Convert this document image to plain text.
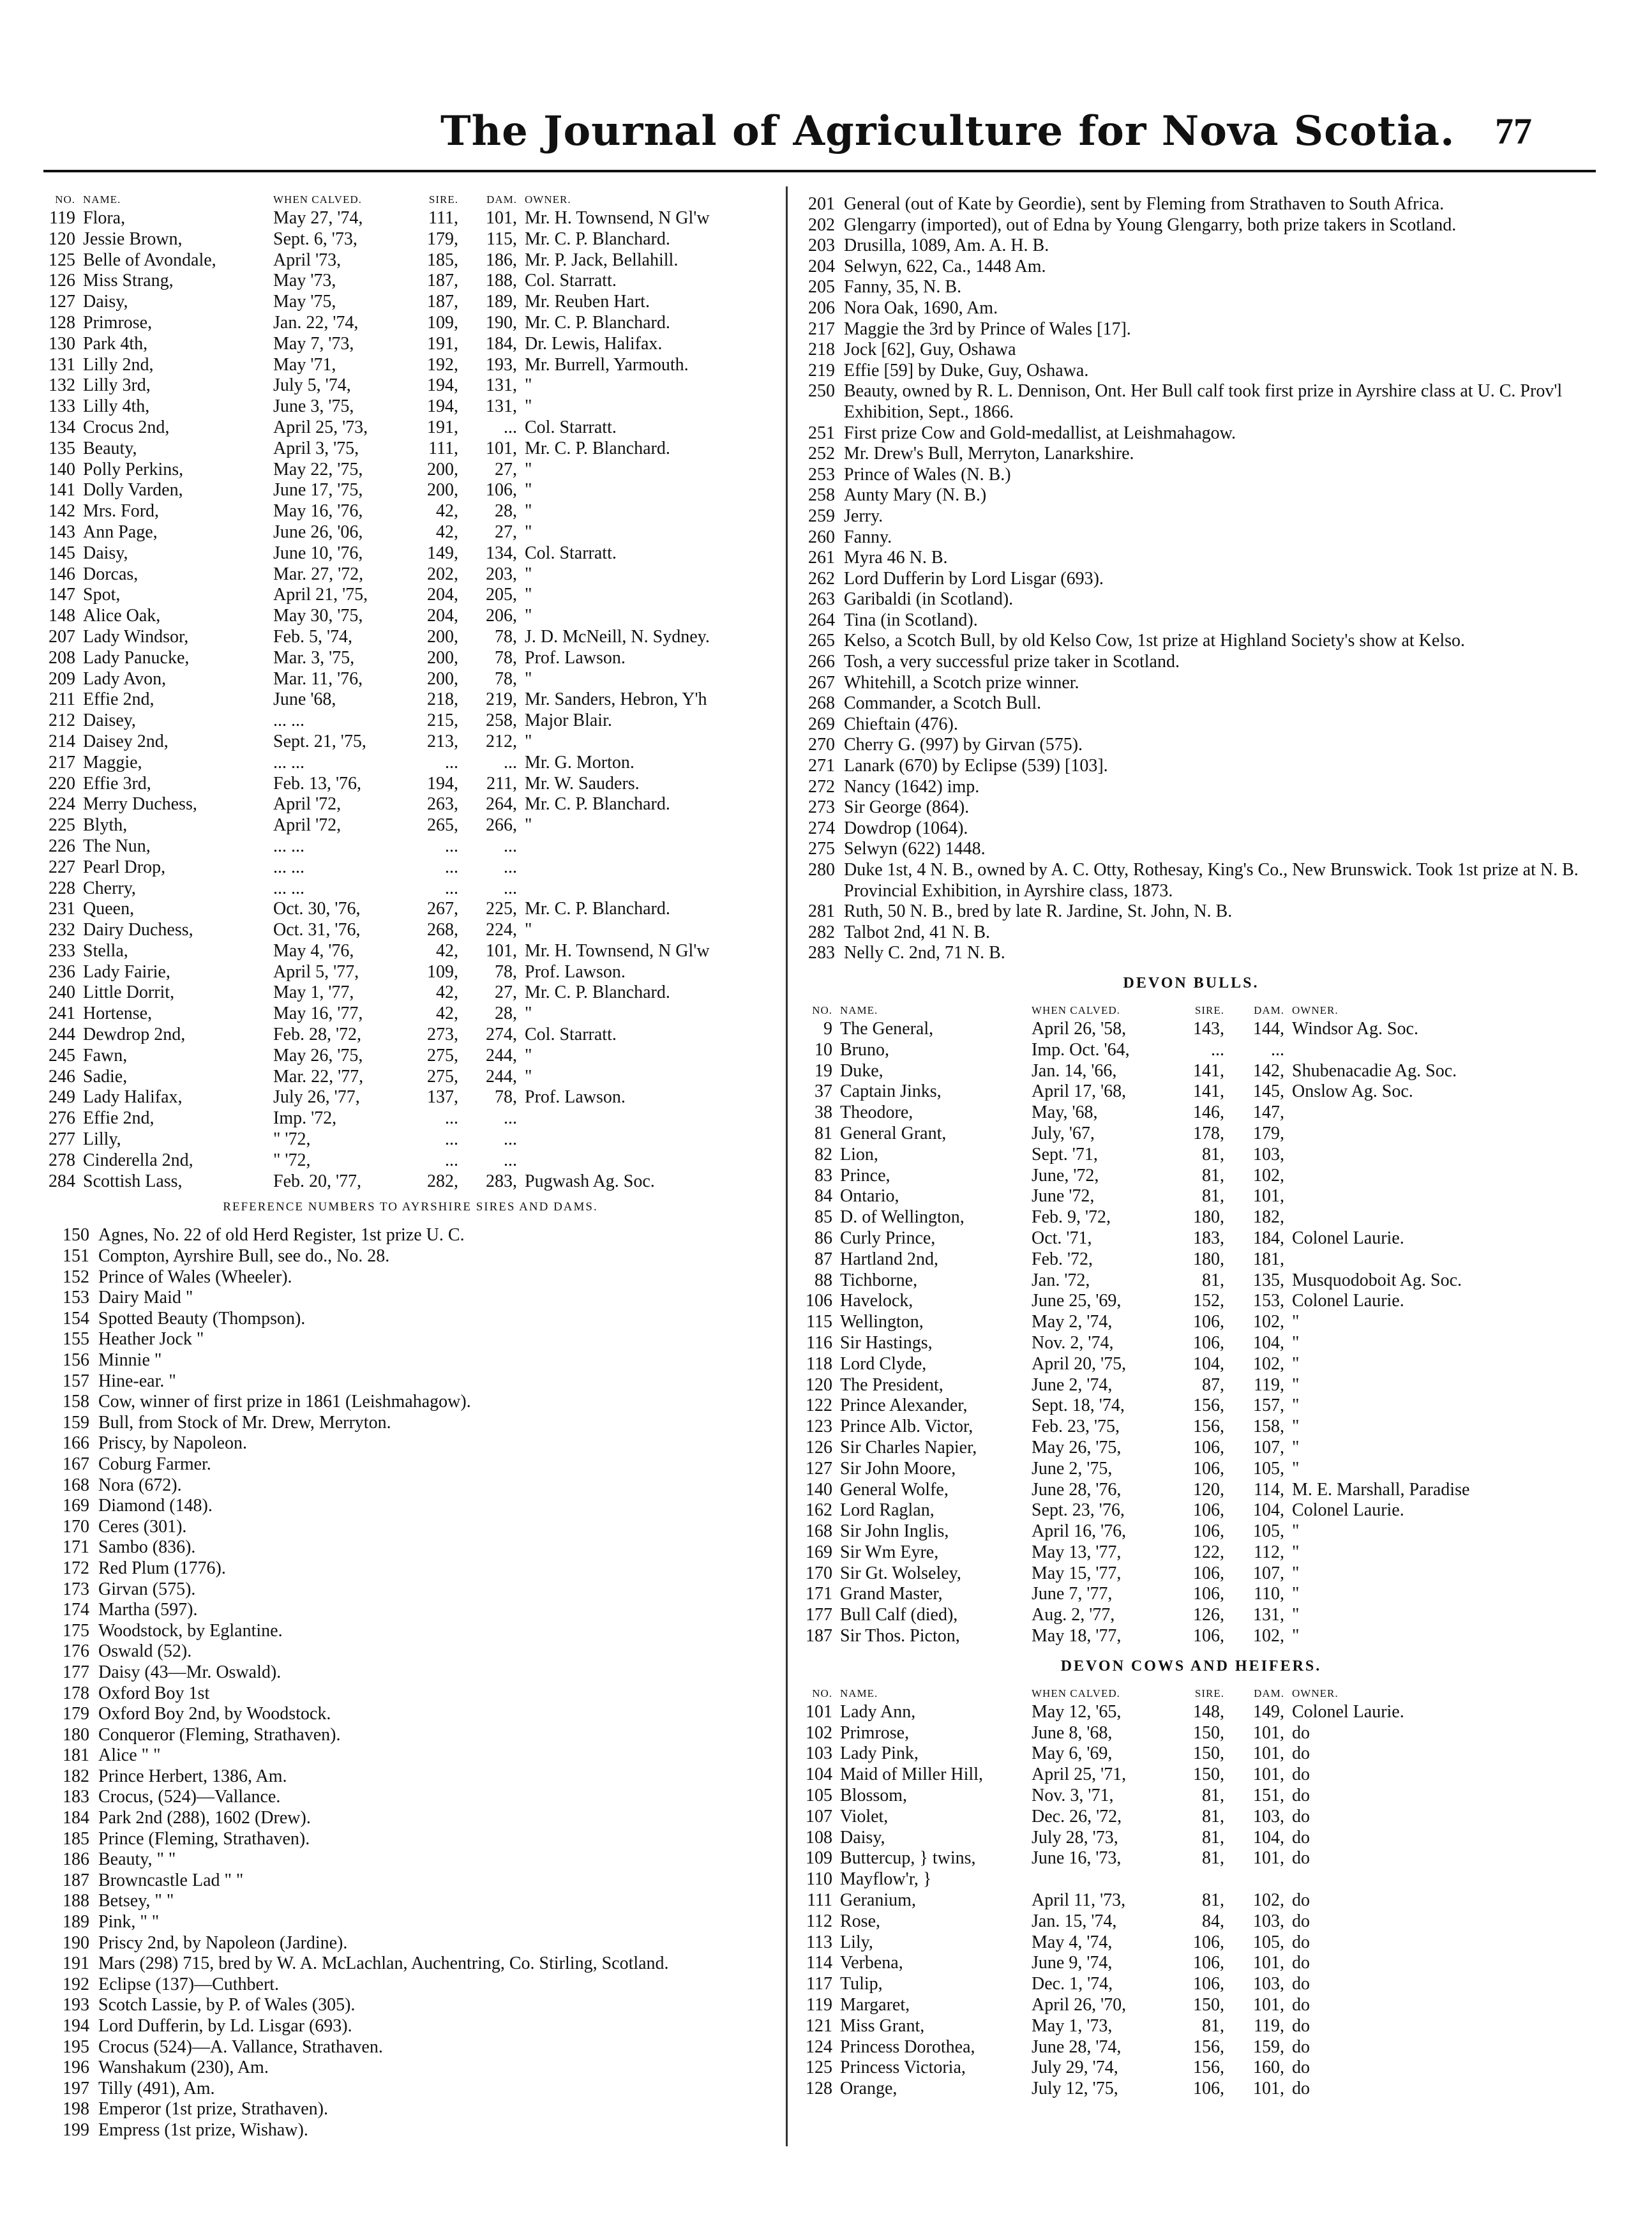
The Journal of Agriculture for Nova Scotia. 77
NO.	NAME.	WHEN CALVED.	SIRE.	DAM.	OWNER.
119	Flora,	May 27, '74,	111,	101,	Mr. H. Townsend, N Gl'w
120	Jessie Brown,	Sept. 6, '73,	179,	115,	Mr. C. P. Blanchard.
125	Belle of Avondale,	April '73,	185,	186,	Mr. P. Jack, Bellahill.
126	Miss Strang,	May '73,	187,	188,	Col. Starratt.
127	Daisy,	May '75,	187,	189,	Mr. Reuben Hart.
128	Primrose,	Jan. 22, '74,	109,	190,	Mr. C. P. Blanchard.
130	Park 4th,	May 7, '73,	191,	184,	Dr. Lewis, Halifax.
131	Lilly 2nd,	May '71,	192,	193,	Mr. Burrell, Yarmouth.
132	Lilly 3rd,	July 5, '74,	194,	131,	"
133	Lilly 4th,	June 3, '75,	194,	131,	"
134	Crocus 2nd,	April 25, '73,	191,	...	Col. Starratt.
135	Beauty,	April 3, '75,	111,	101,	Mr. C. P. Blanchard.
140	Polly Perkins,	May 22, '75,	200,	27,	"
141	Dolly Varden,	June 17, '75,	200,	106,	"
142	Mrs. Ford,	May 16, '76,	42,	28,	"
143	Ann Page,	June 26, '06,	42,	27,	"
145	Daisy,	June 10, '76,	149,	134,	Col. Starratt.
146	Dorcas,	Mar. 27, '72,	202,	203,	"
147	Spot,	April 21, '75,	204,	205,	"
148	Alice Oak,	May 30, '75,	204,	206,	"
207	Lady Windsor,	Feb. 5, '74,	200,	78,	J. D. McNeill, N. Sydney.
208	Lady Panucke,	Mar. 3, '75,	200,	78,	Prof. Lawson.
209	Lady Avon,	Mar. 11, '76,	200,	78,	"
211	Effie 2nd,	June '68,	218,	219,	Mr. Sanders, Hebron, Y'h
212	Daisey,	... ...	215,	258,	Major Blair.
214	Daisey 2nd,	Sept. 21, '75,	213,	212,	"
217	Maggie,	... ...	...	...	Mr. G. Morton.
220	Effie 3rd,	Feb. 13, '76,	194,	211,	Mr. W. Sauders.
224	Merry Duchess,	April '72,	263,	264,	Mr. C. P. Blanchard.
225	Blyth,	April '72,	265,	266,	"
226	The Nun,	... ...	...	...	
227	Pearl Drop,	... ...	...	...	
228	Cherry,	... ...	...	...	
231	Queen,	Oct. 30, '76,	267,	225,	Mr. C. P. Blanchard.
232	Dairy Duchess,	Oct. 31, '76,	268,	224,	"
233	Stella,	May 4, '76,	42,	101,	Mr. H. Townsend, N Gl'w
236	Lady Fairie,	April 5, '77,	109,	78,	Prof. Lawson.
240	Little Dorrit,	May 1, '77,	42,	27,	Mr. C. P. Blanchard.
241	Hortense,	May 16, '77,	42,	28,	"
244	Dewdrop 2nd,	Feb. 28, '72,	273,	274,	Col. Starratt.
245	Fawn,	May 26, '75,	275,	244,	"
246	Sadie,	Mar. 22, '77,	275,	244,	"
249	Lady Halifax,	July 26, '77,	137,	78,	Prof. Lawson.
276	Effie 2nd,	Imp. '72,	...	...	
277	Lilly,	" '72,	...	...	
278	Cinderella 2nd,	" '72,	...	...	
284	Scottish Lass,	Feb. 20, '77,	282,	283,	Pugwash Ag. Soc.
REFERENCE NUMBERS TO AYRSHIRE SIRES AND DAMS.
150 Agnes, No. 22 of old Herd Register, 1st prize U. C.
151 Compton, Ayrshire Bull, see do., No. 28.
152 Prince of Wales (Wheeler).
153 Dairy Maid "
154 Spotted Beauty (Thompson).
155 Heather Jock "
156 Minnie "
157 Hine-ear. "
158 Cow, winner of first prize in 1861 (Leishmahagow).
159 Bull, from Stock of Mr. Drew, Merryton.
166 Priscy, by Napoleon.
167 Coburg Farmer.
168 Nora (672).
169 Diamond (148).
170 Ceres (301).
171 Sambo (836).
172 Red Plum (1776).
173 Girvan (575).
174 Martha (597).
175 Woodstock, by Eglantine.
176 Oswald (52).
177 Daisy (43—Mr. Oswald).
178 Oxford Boy 1st
179 Oxford Boy 2nd, by Woodstock.
180 Conqueror (Fleming, Strathaven).
181 Alice " "
182 Prince Herbert, 1386, Am.
183 Crocus, (524)—Vallance.
184 Park 2nd (288), 1602 (Drew).
185 Prince (Fleming, Strathaven).
186 Beauty, " "
187 Browncastle Lad " "
188 Betsey, " "
189 Pink, " "
190 Priscy 2nd, by Napoleon (Jardine).
191 Mars (298) 715, bred by W. A. McLachlan, Auchentring, Co. Stirling, Scotland.
192 Eclipse (137)—Cuthbert.
193 Scotch Lassie, by P. of Wales (305).
194 Lord Dufferin, by Ld. Lisgar (693).
195 Crocus (524)—A. Vallance, Strathaven.
196 Wanshakum (230), Am.
197 Tilly (491), Am.
198 Emperor (1st prize, Strathaven).
199 Empress (1st prize, Wishaw).
201 General (out of Kate by Geordie), sent by Fleming from Strathaven to South Africa.
202 Glengarry (imported), out of Edna by Young Glengarry, both prize takers in Scotland.
203 Drusilla, 1089, Am. A. H. B.
204 Selwyn, 622, Ca., 1448 Am.
205 Fanny, 35, N. B.
206 Nora Oak, 1690, Am.
217 Maggie the 3rd by Prince of Wales [17].
218 Jock [62], Guy, Oshawa
219 Effie [59] by Duke, Guy, Oshawa.
250 Beauty, owned by R. L. Dennison, Ont. Her Bull calf took first prize in Ayrshire class at U. C. Prov'l Exhibition, Sept., 1866.
251 First prize Cow and Gold-medallist, at Leishmahagow.
252 Mr. Drew's Bull, Merryton, Lanarkshire.
253 Prince of Wales (N. B.)
258 Aunty Mary (N. B.)
259 Jerry.
260 Fanny.
261 Myra 46 N. B.
262 Lord Dufferin by Lord Lisgar (693).
263 Garibaldi (in Scotland).
264 Tina (in Scotland).
265 Kelso, a Scotch Bull, by old Kelso Cow, 1st prize at Highland Society's show at Kelso.
266 Tosh, a very successful prize taker in Scotland.
267 Whitehill, a Scotch prize winner.
268 Commander, a Scotch Bull.
269 Chieftain (476).
270 Cherry G. (997) by Girvan (575).
271 Lanark (670) by Eclipse (539) [103].
272 Nancy (1642) imp.
273 Sir George (864).
274 Dowdrop (1064).
275 Selwyn (622) 1448.
280 Duke 1st, 4 N. B., owned by A. C. Otty, Rothesay, King's Co., New Brunswick. Took 1st prize at N. B. Provincial Exhibition, in Ayrshire class, 1873.
281 Ruth, 50 N. B., bred by late R. Jardine, St. John, N. B.
282 Talbot 2nd, 41 N. B.
283 Nelly C. 2nd, 71 N. B.
DEVON BULLS.
NO.	NAME.	WHEN CALVED.	SIRE.	DAM.	OWNER.
9	The General,	April 26, '58,	143,	144,	Windsor Ag. Soc.
10	Bruno,	Imp. Oct. '64,	...	...	
19	Duke,	Jan. 14, '66,	141,	142,	Shubenacadie Ag. Soc.
37	Captain Jinks,	April 17, '68,	141,	145,	Onslow Ag. Soc.
38	Theodore,	May, '68,	146,	147,	
81	General Grant,	July, '67,	178,	179,	
82	Lion,	Sept. '71,	81,	103,	
83	Prince,	June, '72,	81,	102,	
84	Ontario,	June '72,	81,	101,	
85	D. of Wellington,	Feb. 9, '72,	180,	182,	
86	Curly Prince,	Oct. '71,	183,	184,	Colonel Laurie.
87	Hartland 2nd,	Feb. '72,	180,	181,	
88	Tichborne,	Jan. '72,	81,	135,	Musquodoboit Ag. Soc.
106	Havelock,	June 25, '69,	152,	153,	Colonel Laurie.
115	Wellington,	May 2, '74,	106,	102,	"
116	Sir Hastings,	Nov. 2, '74,	106,	104,	"
118	Lord Clyde,	April 20, '75,	104,	102,	"
120	The President,	June 2, '74,	87,	119,	"
122	Prince Alexander,	Sept. 18, '74,	156,	157,	"
123	Prince Alb. Victor,	Feb. 23, '75,	156,	158,	"
126	Sir Charles Napier,	May 26, '75,	106,	107,	"
127	Sir John Moore,	June 2, '75,	106,	105,	"
140	General Wolfe,	June 28, '76,	120,	114,	M. E. Marshall, Paradise
162	Lord Raglan,	Sept. 23, '76,	106,	104,	Colonel Laurie.
168	Sir John Inglis,	April 16, '76,	106,	105,	"
169	Sir Wm Eyre,	May 13, '77,	122,	112,	"
170	Sir Gt. Wolseley,	May 15, '77,	106,	107,	"
171	Grand Master,	June 7, '77,	106,	110,	"
177	Bull Calf (died),	Aug. 2, '77,	126,	131,	"
187	Sir Thos. Picton,	May 18, '77,	106,	102,	"
DEVON COWS AND HEIFERS.
NO.	NAME.	WHEN CALVED.	SIRE.	DAM.	OWNER.
101	Lady Ann,	May 12, '65,	148,	149,	Colonel Laurie.
102	Primrose,	June 8, '68,	150,	101,	do
103	Lady Pink,	May 6, '69,	150,	101,	do
104	Maid of Miller Hill,	April 25, '71,	150,	101,	do
105	Blossom,	Nov. 3, '71,	81,	151,	do
107	Violet,	Dec. 26, '72,	81,	103,	do
108	Daisy,	July 28, '73,	81,	104,	do
109	Buttercup, } twins,	June 16, '73,	81,	101,	do
110	Mayflow'r, }				
111	Geranium,	April 11, '73,	81,	102,	do
112	Rose,	Jan. 15, '74,	84,	103,	do
113	Lily,	May 4, '74,	106,	105,	do
114	Verbena,	June 9, '74,	106,	101,	do
117	Tulip,	Dec. 1, '74,	106,	103,	do
119	Margaret,	April 26, '70,	150,	101,	do
121	Miss Grant,	May 1, '73,	81,	119,	do
124	Princess Dorothea,	June 28, '74,	156,	159,	do
125	Princess Victoria,	July 29, '74,	156,	160,	do
128	Orange,	July 12, '75,	106,	101,	do
